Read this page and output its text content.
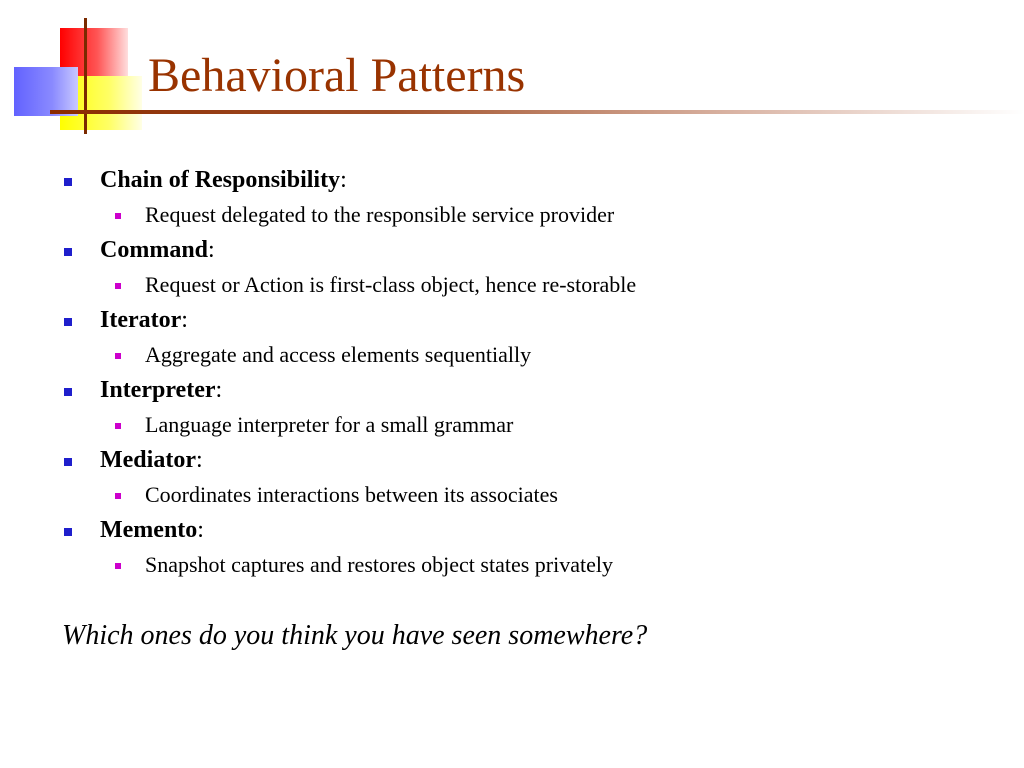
Behavioral Patterns
Chain of Responsibility:
Request delegated to the responsible service provider
Command:
Request or Action is first-class object, hence re-storable
Iterator:
Aggregate and access elements sequentially
Interpreter:
Language interpreter for a small grammar
Mediator:
Coordinates interactions between its associates
Memento:
Snapshot captures and restores object states privately
Which ones do you think you have seen somewhere?
